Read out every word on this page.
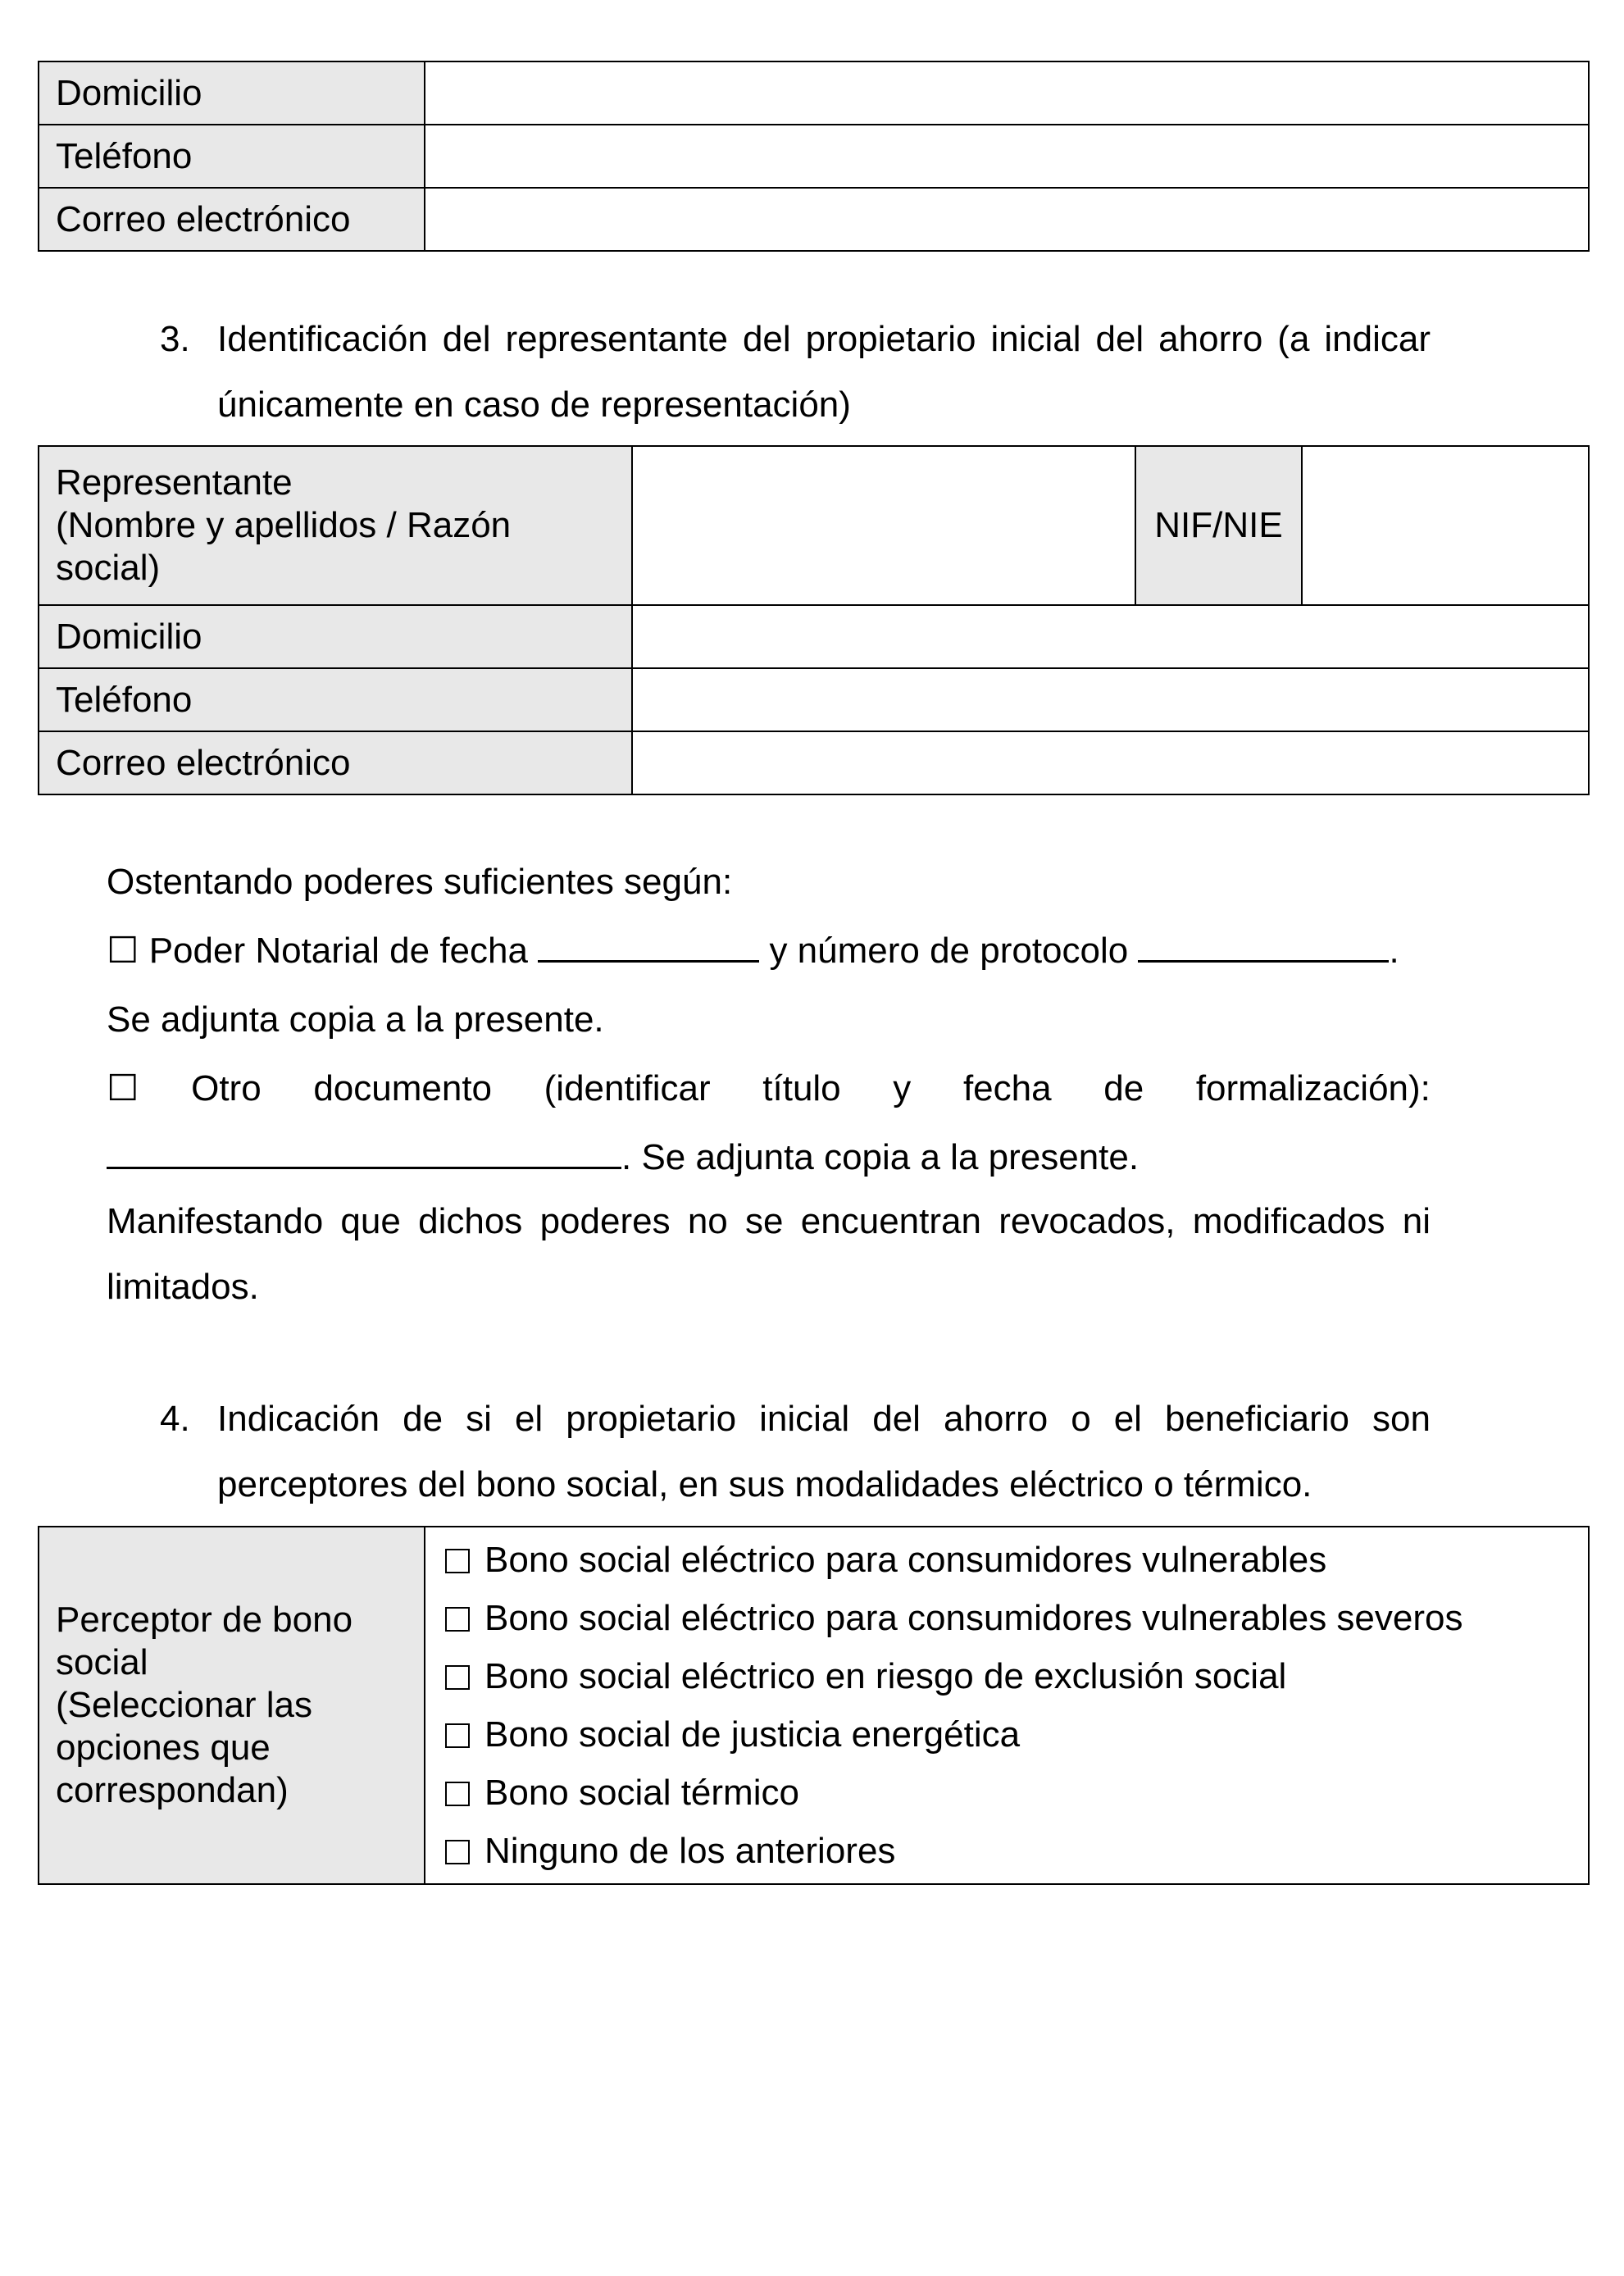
Domicilio	
Teléfono	
Correo electrónico	
3. Identificación del representante del propietario inicial del ahorro (a indicar únicamente en caso de representación)
Representante
(Nombre y apellidos / Razón
social)		NIF/NIE	
Domicilio			
Teléfono			
Correo electrónico			
Ostentando poderes suficientes según:
☐ Poder Notarial de fecha	y número de protocolo	.
Se adjunta copia a la presente.
☐ Otro documento (identificar título y fecha de formalización):
. Se adjunta copia a la presente.
Manifestando que dichos poderes no se encuentran revocados, modificados ni limitados.
4. Indicación de si el propietario inicial del ahorro o el beneficiario son perceptores del bono social, en sus modalidades eléctrico o térmico.
Perceptor de bono
social
(Seleccionar las
opciones que
correspondan)

Bono social eléctrico para consumidores vulnerables
Bono social eléctrico para consumidores vulnerables severos
Bono social eléctrico en riesgo de exclusión social
Bono social de justicia energética
Bono social térmico
Ninguno de los anteriores
